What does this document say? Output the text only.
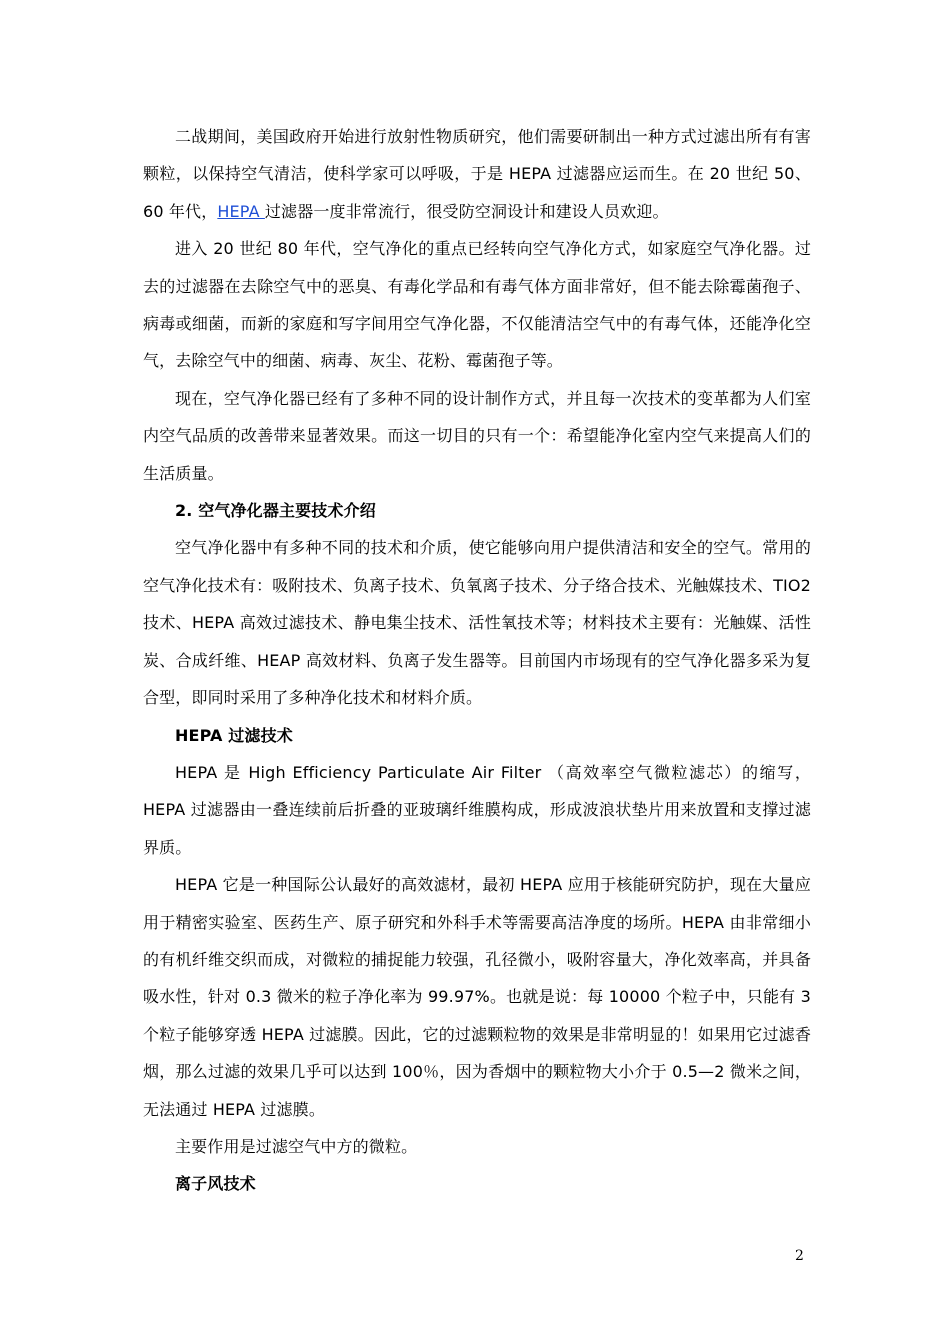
二战期间，美国政府开始进行放射性物质研究，他们需要研制出一种方式过滤出所有有害颗粒，以保持空气清洁，使科学家可以呼吸，于是 HEPA 过滤器应运而生。在 20 世纪 50、60 年代，HEPA 过滤器一度非常流行，很受防空洞设计和建设人员欢迎。

进入 20 世纪 80 年代，空气净化的重点已经转向空气净化方式，如家庭空气净化器。过去的过滤器在去除空气中的恶臭、有毒化学品和有毒气体方面非常好，但不能去除霉菌孢子、病毒或细菌，而新的家庭和写字间用空气净化器，不仅能清洁空气中的有毒气体，还能净化空气，去除空气中的细菌、病毒、灰尘、花粉、霉菌孢子等。

现在，空气净化器已经有了多种不同的设计制作方式，并且每一次技术的变革都为人们室内空气品质的改善带来显著效果。而这一切目的只有一个：希望能净化室内空气来提高人们的生活质量。

2. 空气净化器主要技术介绍

空气净化器中有多种不同的技术和介质，使它能够向用户提供清洁和安全的空气。常用的空气净化技术有：吸附技术、负离子技术、负氧离子技术、分子络合技术、光触媒技术、TIO2 技术、HEPA 高效过滤技术、静电集尘技术、活性氧技术等；材料技术主要有：光触媒、活性炭、合成纤维、HEAP 高效材料、负离子发生器等。目前国内市场现有的空气净化器多采为复合型，即同时采用了多种净化技术和材料介质。

HEPA 过滤技术

HEPA 是 High Efficiency Particulate Air Filter （高效率空气微粒滤芯）的缩写，HEPA 过滤器由一叠连续前后折叠的亚玻璃纤维膜构成，形成波浪状垫片用来放置和支撑过滤界质。

HEPA 它是一种国际公认最好的高效滤材，最初 HEPA 应用于核能研究防护，现在大量应用于精密实验室、医药生产、原子研究和外科手术等需要高洁净度的场所。HEPA 由非常细小的有机纤维交织而成，对微粒的捕捉能力较强，孔径微小，吸附容量大，净化效率高，并具备吸水性，针对 0.3 微米的粒子净化率为 99.97%。也就是说：每 10000 个粒子中，只能有 3 个粒子能够穿透 HEPA 过滤膜。因此，它的过滤颗粒物的效果是非常明显的！如果用它过滤香烟，那么过滤的效果几乎可以达到 100％，因为香烟中的颗粒物大小介于 0.5—2 微米之间，无法通过 HEPA 过滤膜。

主要作用是过滤空气中方的微粒。

离子风技术

2
